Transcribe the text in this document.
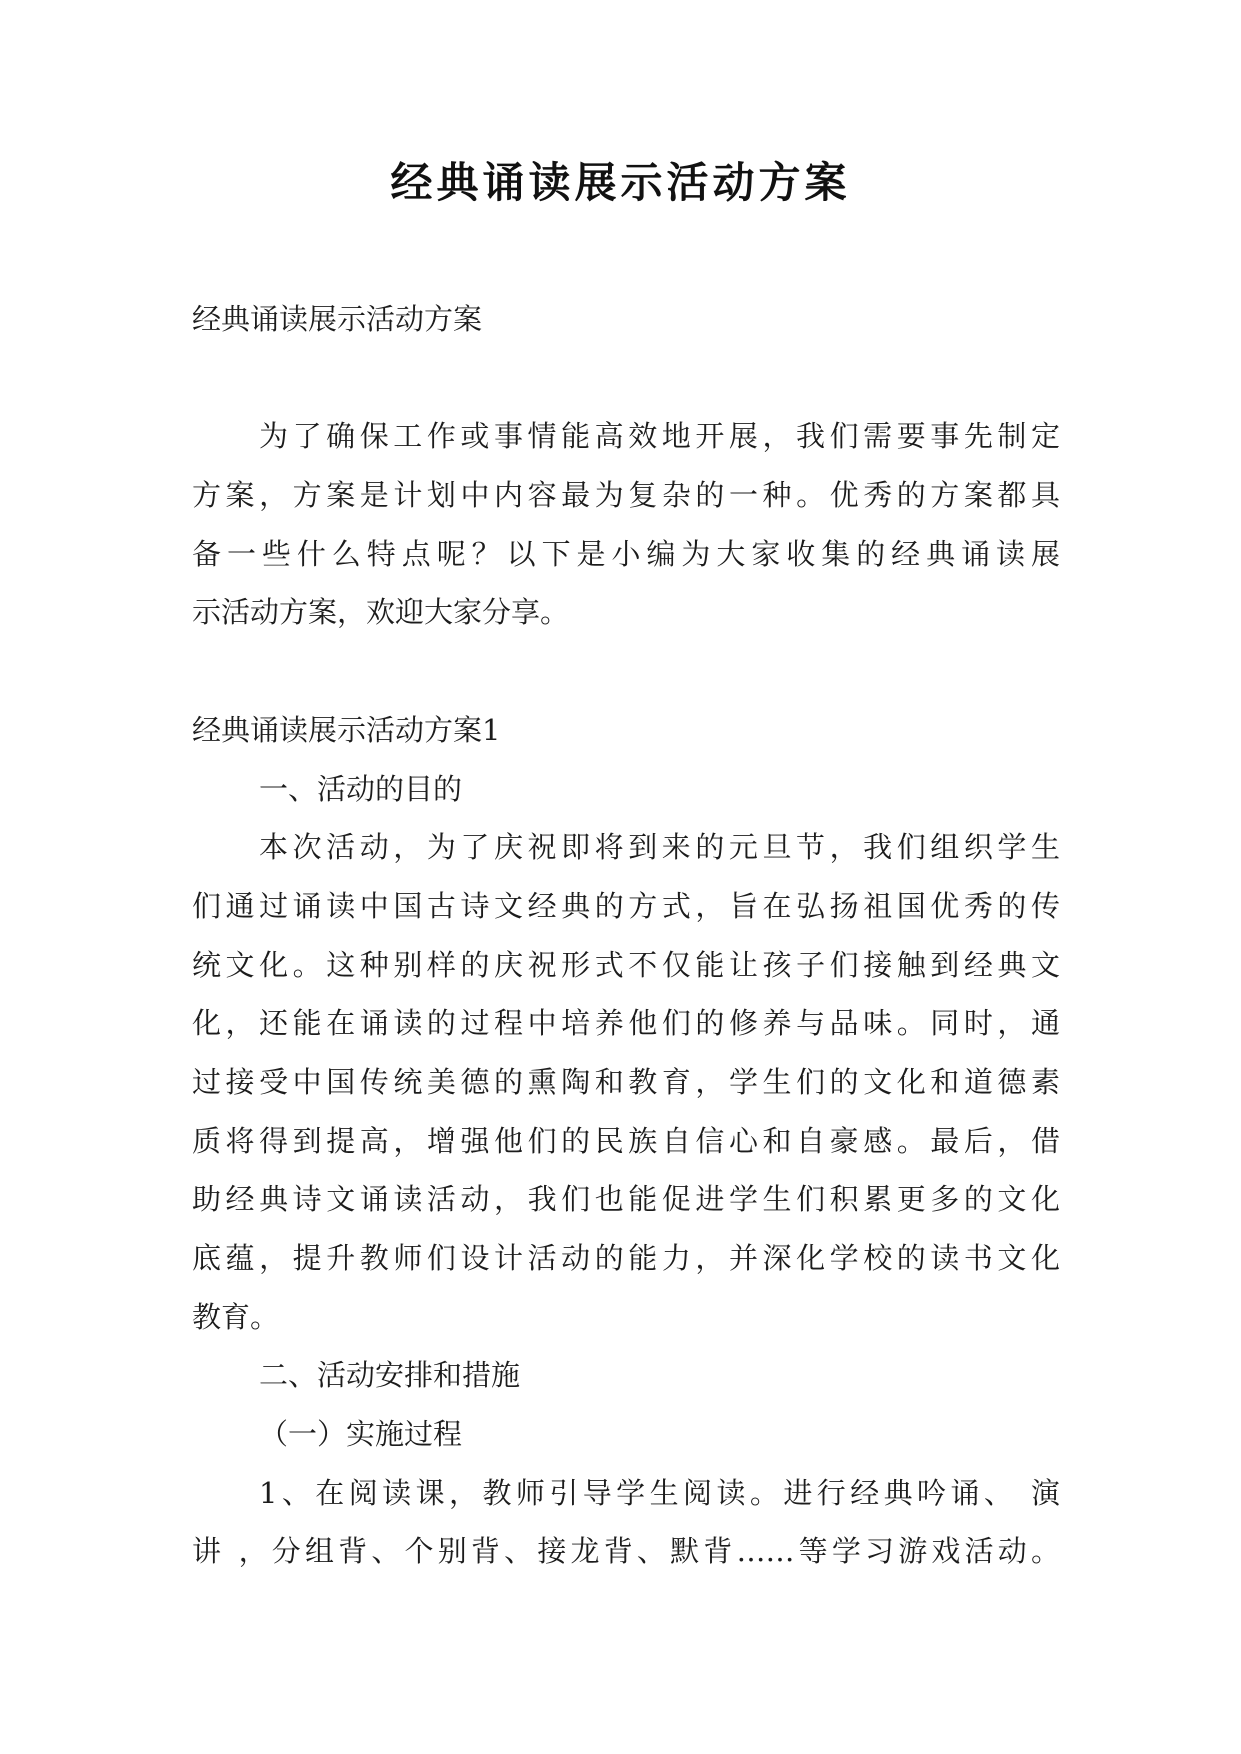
经典诵读展示活动方案
经典诵读展示活动方案
为了确保工作或事情能高效地开展，我们需要事先制定
方案，方案是计划中内容最为复杂的一种。优秀的方案都具
备一些什么特点呢？以下是小编为大家收集的经典诵读展
示活动方案，欢迎大家分享。
经典诵读展示活动方案1
一、活动的目的
本次活动，为了庆祝即将到来的元旦节，我们组织学生
们通过诵读中国古诗文经典的方式，旨在弘扬祖国优秀的传
统文化。这种别样的庆祝形式不仅能让孩子们接触到经典文
化，还能在诵读的过程中培养他们的修养与品味。同时，通
过接受中国传统美德的熏陶和教育，学生们的文化和道德素
质将得到提高，增强他们的民族自信心和自豪感。最后，借
助经典诗文诵读活动，我们也能促进学生们积累更多的文化
底蕴，提升教师们设计活动的能力，并深化学校的读书文化
教育。
二、活动安排和措施
（一）实施过程
1、在阅读课，教师引导学生阅读。进行经典吟诵、 演
讲 ，分组背、个别背、接龙背、默背……等学习游戏活动。
